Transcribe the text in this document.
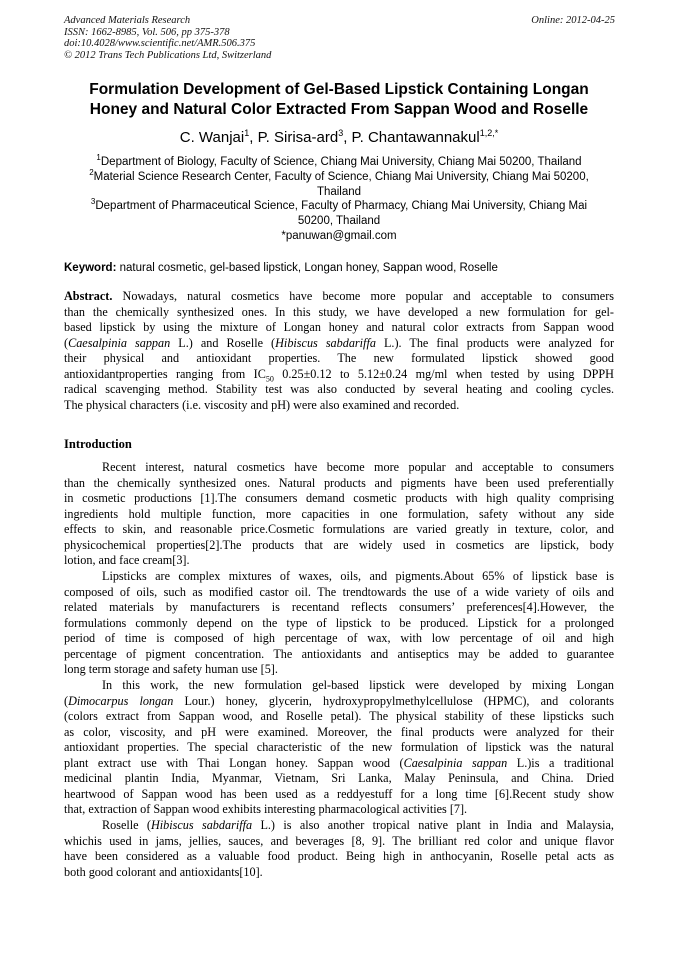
Advanced Materials Research
ISSN: 1662-8985, Vol. 506, pp 375-378
doi:10.4028/www.scientific.net/AMR.506.375
© 2012 Trans Tech Publications Ltd, Switzerland
Online: 2012-04-25
Formulation Development of Gel-Based Lipstick Containing Longan
Honey and Natural Color Extracted From Sappan Wood and Roselle
C. Wanjai$^1$, P. Sirisa-ard$^3$, P. Chantawannakul$^{1,2,*}$
$^1$Department of Biology, Faculty of Science, Chiang Mai University, Chiang Mai 50200, Thailand
$^2$Material Science Research Center, Faculty of Science, Chiang Mai University, Chiang Mai 50200,
Thailand
$^3$Department of Pharmaceutical Science, Faculty of Pharmacy, Chiang Mai University, Chiang Mai
50200, Thailand
*panuwan@gmail.com
Keyword: natural cosmetic, gel-based lipstick, Longan honey, Sappan wood, Roselle
Abstract. Nowadays, natural cosmetics have become more popular and acceptable to consumers
than the chemically synthesized ones. In this study, we have developed a new formulation for gel-
based lipstick by using the mixture of Longan honey and natural color extracts from Sappan wood
(Caesalpinia sappan L.) and Roselle (Hibiscus sabdariffa L.). The final products were analyzed for
their physical and antioxidant properties. The new formulated lipstick showed good
antioxidantproperties ranging from $IC_{50}$ 0.25±0.12 to 5.12±0.24 mg/ml when tested by using DPPH
radical scavenging method. Stability test was also conducted by several heating and cooling cycles.
The physical characters (i.e. viscosity and pH) were also examined and recorded.
Introduction
Recent interest, natural cosmetics have become more popular and acceptable to consumers
than the chemically synthesized ones. Natural products and pigments have been used preferentially
in cosmetic productions [1].The consumers demand cosmetic products with high quality comprising
ingredients hold multiple function, more capacities in one formulation, safety without any side
effects to skin, and reasonable price.Cosmetic formulations are varied greatly in texture, color, and
physicochemical properties[2].The products that are widely used in cosmetics are lipstick, body
lotion, and face cream[3].
Lipsticks are complex mixtures of waxes, oils, and pigments.About 65% of lipstick base is
composed of oils, such as modified castor oil. The trendtowards the use of a wide variety of oils and
related materials by manufacturers is recentand reflects consumers’ preferences[4].However, the
formulations commonly depend on the type of lipstick to be produced. Lipstick for a prolonged
period of time is composed of high percentage of wax, with low percentage of oil and high
percentage of pigment concentration. The antioxidants and antiseptics may be added to guarantee
long term storage and safety human use [5].
In this work, the new formulation gel-based lipstick were developed by mixing Longan
(Dimocarpus longan Lour.) honey, glycerin, hydroxypropylmethylcellulose (HPMC), and colorants
(colors extract from Sappan wood, and Roselle petal). The physical stability of these lipsticks such
as color, viscosity, and pH were examined. Moreover, the final products were analyzed for their
antioxidant properties. The special characteristic of the new formulation of lipstick was the natural
plant extract use with Thai Longan honey. Sappan wood (Caesalpinia sappan L.)is a traditional
medicinal plantin India, Myanmar, Vietnam, Sri Lanka, Malay Peninsula, and China. Dried
heartwood of Sappan wood has been used as a reddyestuff for a long time [6].Recent study show
that, extraction of Sappan wood exhibits interesting pharmacological activities [7].
Roselle (Hibiscus sabdariffa L.) is also another tropical native plant in India and Malaysia,
whichis used in jams, jellies, sauces, and beverages [8, 9]. The brilliant red color and unique flavor
have been considered as a valuable food product. Being high in anthocyanin, Roselle petal acts as
both good colorant and antioxidants[10].
